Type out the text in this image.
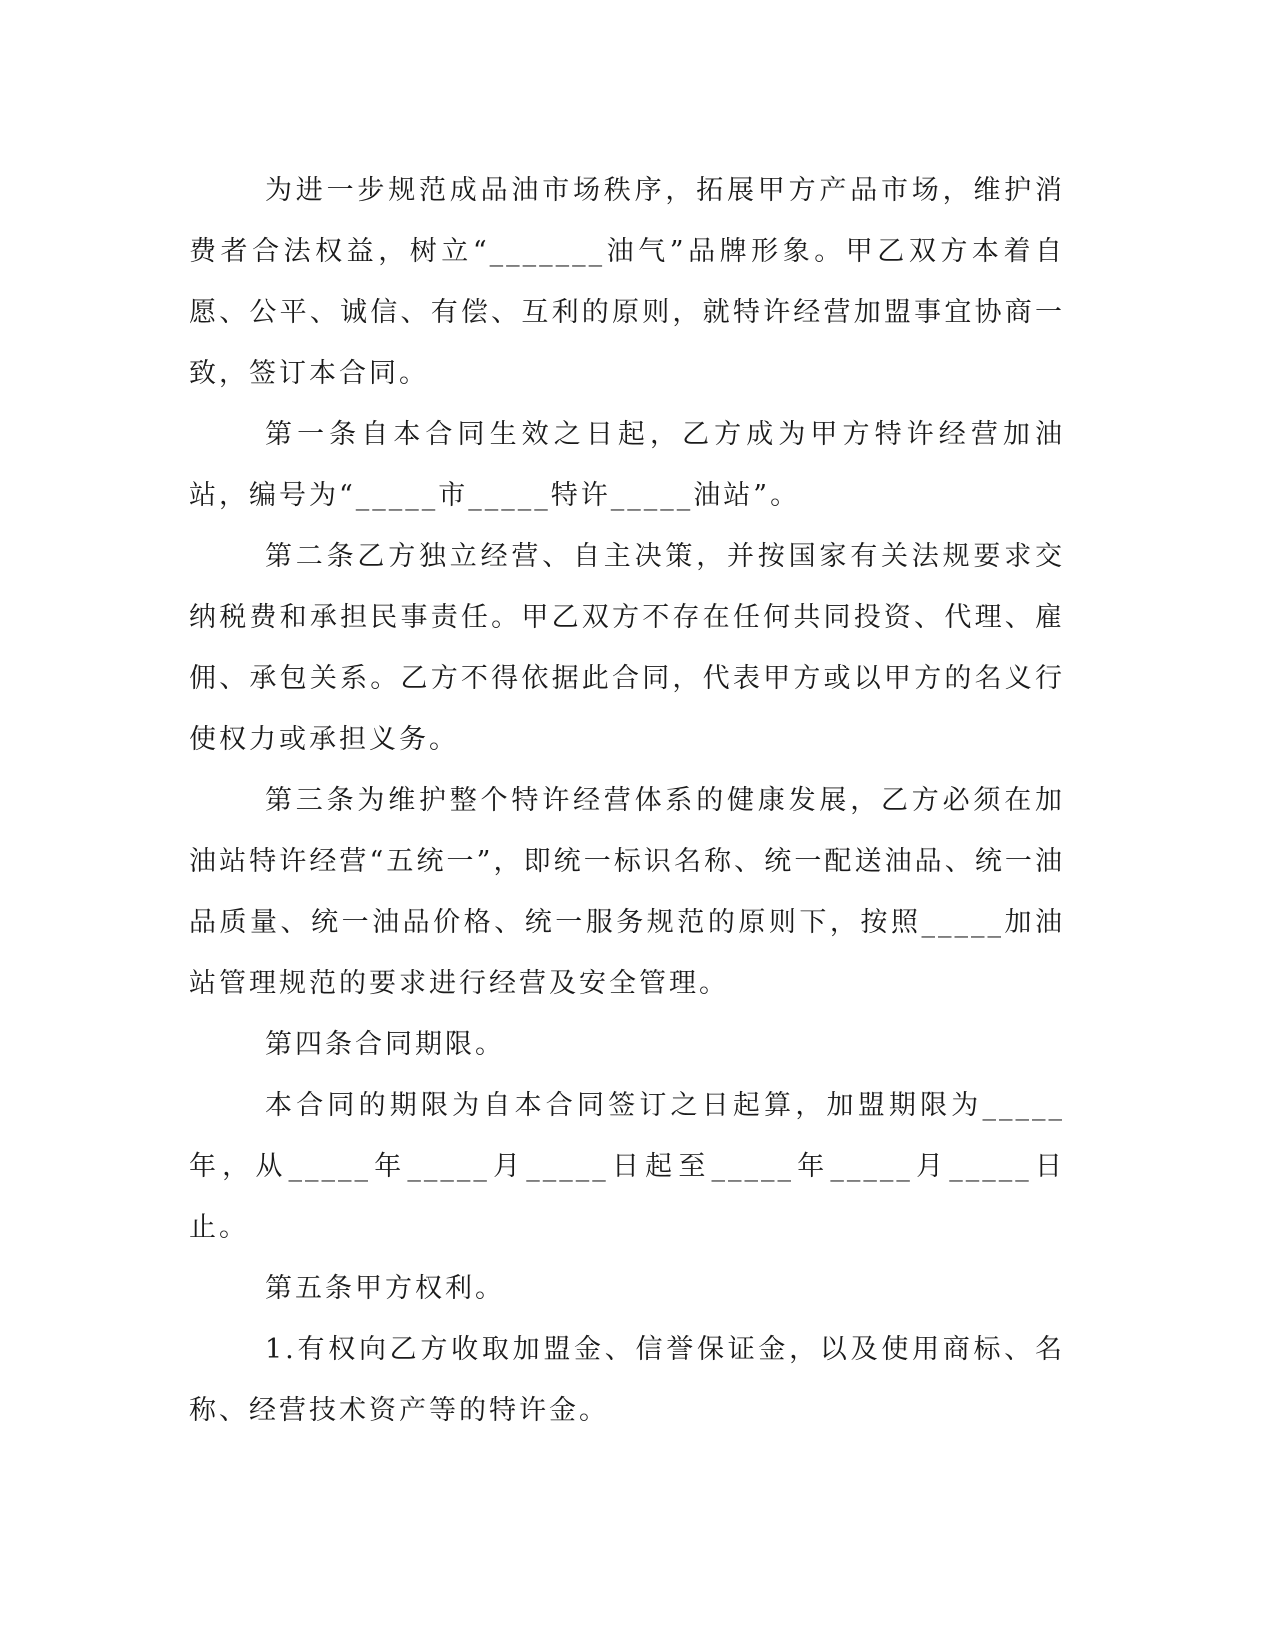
为进一步规范成品油市场秩序，拓展甲方产品市场，维护消费者合法权益，树立“_______油气”品牌形象。甲乙双方本着自愿、公平、诚信、有偿、互利的原则，就特许经营加盟事宜协商一致，签订本合同。

第一条自本合同生效之日起，乙方成为甲方特许经营加油站，编号为“_____市_____特许_____油站”。

第二条乙方独立经营、自主决策，并按国家有关法规要求交纳税费和承担民事责任。甲乙双方不存在任何共同投资、代理、雇佣、承包关系。乙方不得依据此合同，代表甲方或以甲方的名义行使权力或承担义务。

第三条为维护整个特许经营体系的健康发展，乙方必须在加油站特许经营“五统一”，即统一标识名称、统一配送油品、统一油品质量、统一油品价格、统一服务规范的原则下，按照_____加油站管理规范的要求进行经营及安全管理。

第四条合同期限。

本合同的期限为自本合同签订之日起算，加盟期限为_____年，从_____年_____月_____日起至_____年_____月_____日止。

第五条甲方权利。

1.有权向乙方收取加盟金、信誉保证金，以及使用商标、名称、经营技术资产等的特许金。
